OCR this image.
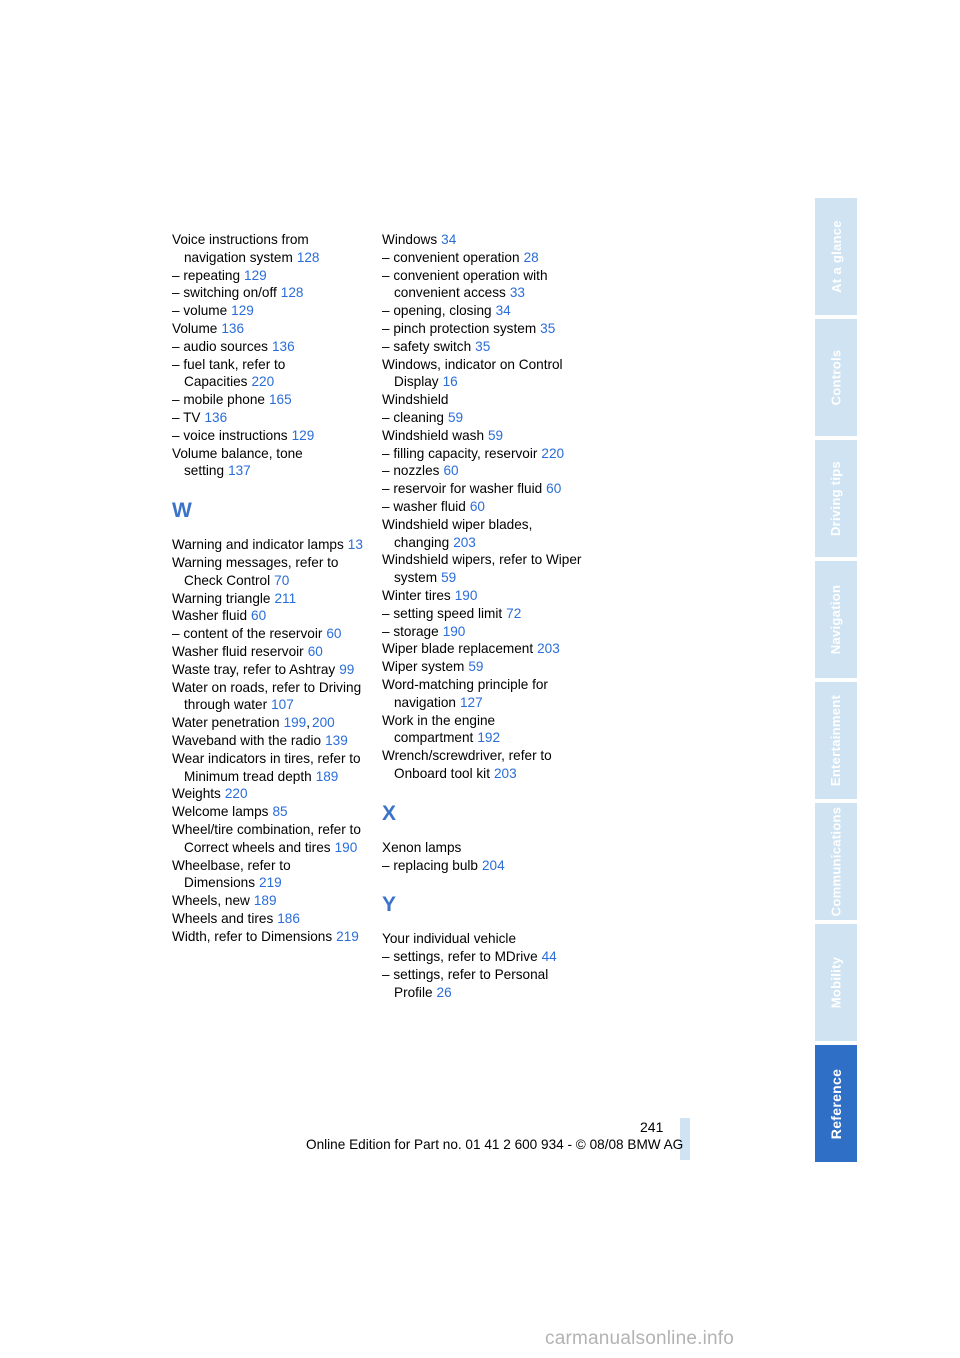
Voice instructions from navigation system 128
– repeating 129
– switching on/off 128
– volume 129
Volume 136
– audio sources 136
– fuel tank, refer to Capacities 220
– mobile phone 165
– TV 136
– voice instructions 129
Volume balance, tone setting 137
W
Warning and indicator lamps 13
Warning messages, refer to Check Control 70
Warning triangle 211
Washer fluid 60
– content of the reservoir 60
Washer fluid reservoir 60
Waste tray, refer to Ashtray 99
Water on roads, refer to Driving through water 107
Water penetration 199, 200
Waveband with the radio 139
Wear indicators in tires, refer to Minimum tread depth 189
Weights 220
Welcome lamps 85
Wheel/tire combination, refer to Correct wheels and tires 190
Wheelbase, refer to Dimensions 219
Wheels, new 189
Wheels and tires 186
Width, refer to Dimensions 219
Windows 34
– convenient operation 28
– convenient operation with convenient access 33
– opening, closing 34
– pinch protection system 35
– safety switch 35
Windows, indicator on Control Display 16
Windshield
– cleaning 59
Windshield wash 59
– filling capacity, reservoir 220
– nozzles 60
– reservoir for washer fluid 60
– washer fluid 60
Windshield wiper blades, changing 203
Windshield wipers, refer to Wiper system 59
Winter tires 190
– setting speed limit 72
– storage 190
Wiper blade replacement 203
Wiper system 59
Word-matching principle for navigation 127
Work in the engine compartment 192
Wrench/screwdriver, refer to Onboard tool kit 203
X
Xenon lamps
– replacing bulb 204
Y
Your individual vehicle
– settings, refer to MDrive 44
– settings, refer to Personal Profile 26
At a glance
Controls
Driving tips
Navigation
Entertainment
Communications
Mobility
Reference
241
Online Edition for Part no. 01 41 2 600 934 - © 08/08 BMW AG
carmanualsonline.info
